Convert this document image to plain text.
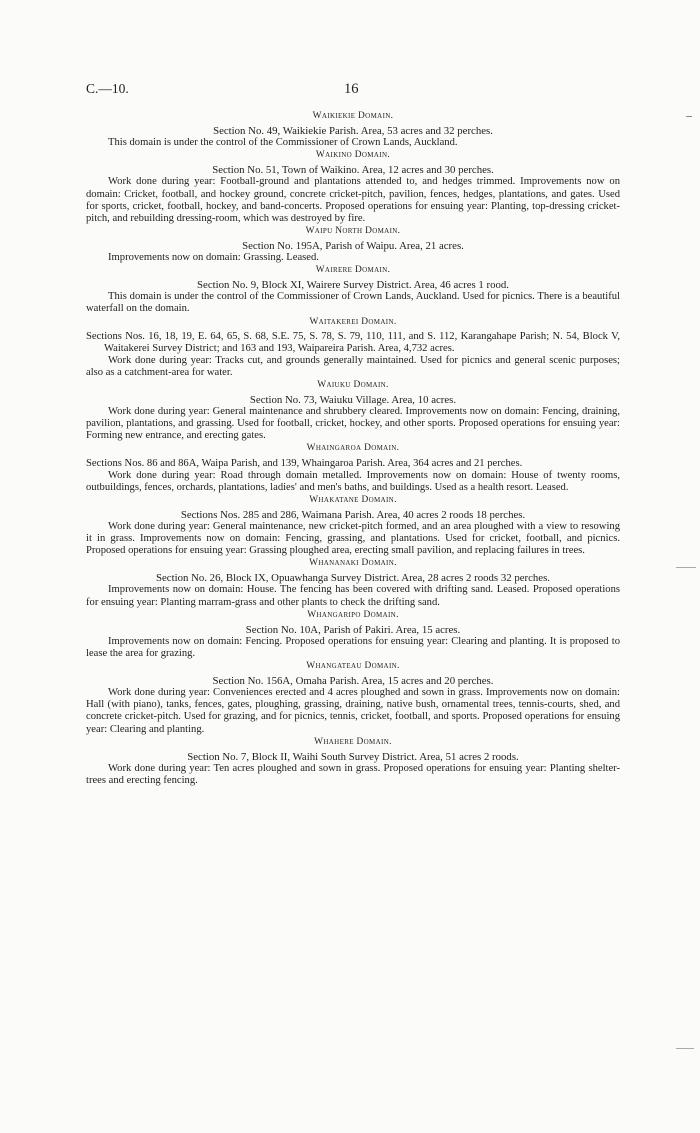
C.—10.	16
Waikiekie Domain.
Section No. 49, Waikiekie Parish. Area, 53 acres and 32 perches.

This domain is under the control of the Commissioner of Crown Lands, Auckland.

Waikino Domain.
Section No. 51, Town of Waikino. Area, 12 acres and 30 perches.

Work done during year: Football-ground and plantations attended to, and hedges trimmed. Improvements now on domain: Cricket, football, and hockey ground, concrete cricket-pitch, pavilion, fences, hedges, plantations, and gates. Used for sports, cricket, football, hockey, and band-concerts. Proposed operations for ensuing year: Planting, top-dressing cricket-pitch, and rebuilding dressing-room, which was destroyed by fire.

Waipu North Domain.
Section No. 195A, Parish of Waipu. Area, 21 acres.

Improvements now on domain: Grassing. Leased.

Wairere Domain.
Section No. 9, Block XI, Wairere Survey District. Area, 46 acres 1 rood.

This domain is under the control of the Commissioner of Crown Lands, Auckland. Used for picnics. There is a beautiful waterfall on the domain.

Waitakerei Domain.
Sections Nos. 16, 18, 19, E. 64, 65, S. 68, S.E. 75, S. 78, S. 79, 110, 111, and S. 112, Karangahape Parish; N. 54, Block V, Waitakerei Survey District; and 163 and 193, Waipareira Parish. Area, 4,732 acres.

Work done during year: Tracks cut, and grounds generally maintained. Used for picnics and general scenic purposes; also as a catchment-area for water.

Waiuku Domain.
Section No. 73, Waiuku Village. Area, 10 acres.

Work done during year: General maintenance and shrubbery cleared. Improvements now on domain: Fencing, draining, pavilion, plantations, and grassing. Used for football, cricket, hockey, and other sports. Proposed operations for ensuing year: Forming new entrance, and erecting gates.

Whaingaroa Domain.
Sections Nos. 86 and 86A, Waipa Parish, and 139, Whaingaroa Parish. Area, 364 acres and 21 perches.

Work done during year: Road through domain metalled. Improvements now on domain: House of twenty rooms, outbuildings, fences, orchards, plantations, ladies' and men's baths, and buildings. Used as a health resort. Leased.

Whakatane Domain.
Sections Nos. 285 and 286, Waimana Parish. Area, 40 acres 2 roods 18 perches.

Work done during year: General maintenance, new cricket-pitch formed, and an area ploughed with a view to resowing it in grass. Improvements now on domain: Fencing, grassing, and plantations. Used for cricket, football, and picnics. Proposed operations for ensuing year: Grassing ploughed area, erecting small pavilion, and replacing failures in trees.

Whananaki Domain.
Section No. 26, Block IX, Opuawhanga Survey District. Area, 28 acres 2 roods 32 perches.

Improvements now on domain: House. The fencing has been covered with drifting sand. Leased. Proposed operations for ensuing year: Planting marram-grass and other plants to check the drifting sand.

Whangaripo Domain.
Section No. 10A, Parish of Pakiri. Area, 15 acres.

Improvements now on domain: Fencing. Proposed operations for ensuing year: Clearing and planting. It is proposed to lease the area for grazing.

Whangateau Domain.
Section No. 156A, Omaha Parish. Area, 15 acres and 20 perches.

Work done during year: Conveniences erected and 4 acres ploughed and sown in grass. Improvements now on domain: Hall (with piano), tanks, fences, gates, ploughing, grassing, draining, native bush, ornamental trees, tennis-courts, shed, and concrete cricket-pitch. Used for grazing, and for picnics, tennis, cricket, football, and sports. Proposed operations for ensuing year: Clearing and planting.

Whahere Domain.
Section No. 7, Block II, Waihi South Survey District. Area, 51 acres 2 roods.

Work done during year: Ten acres ploughed and sown in grass. Proposed operations for ensuing year: Planting shelter-trees and erecting fencing.
